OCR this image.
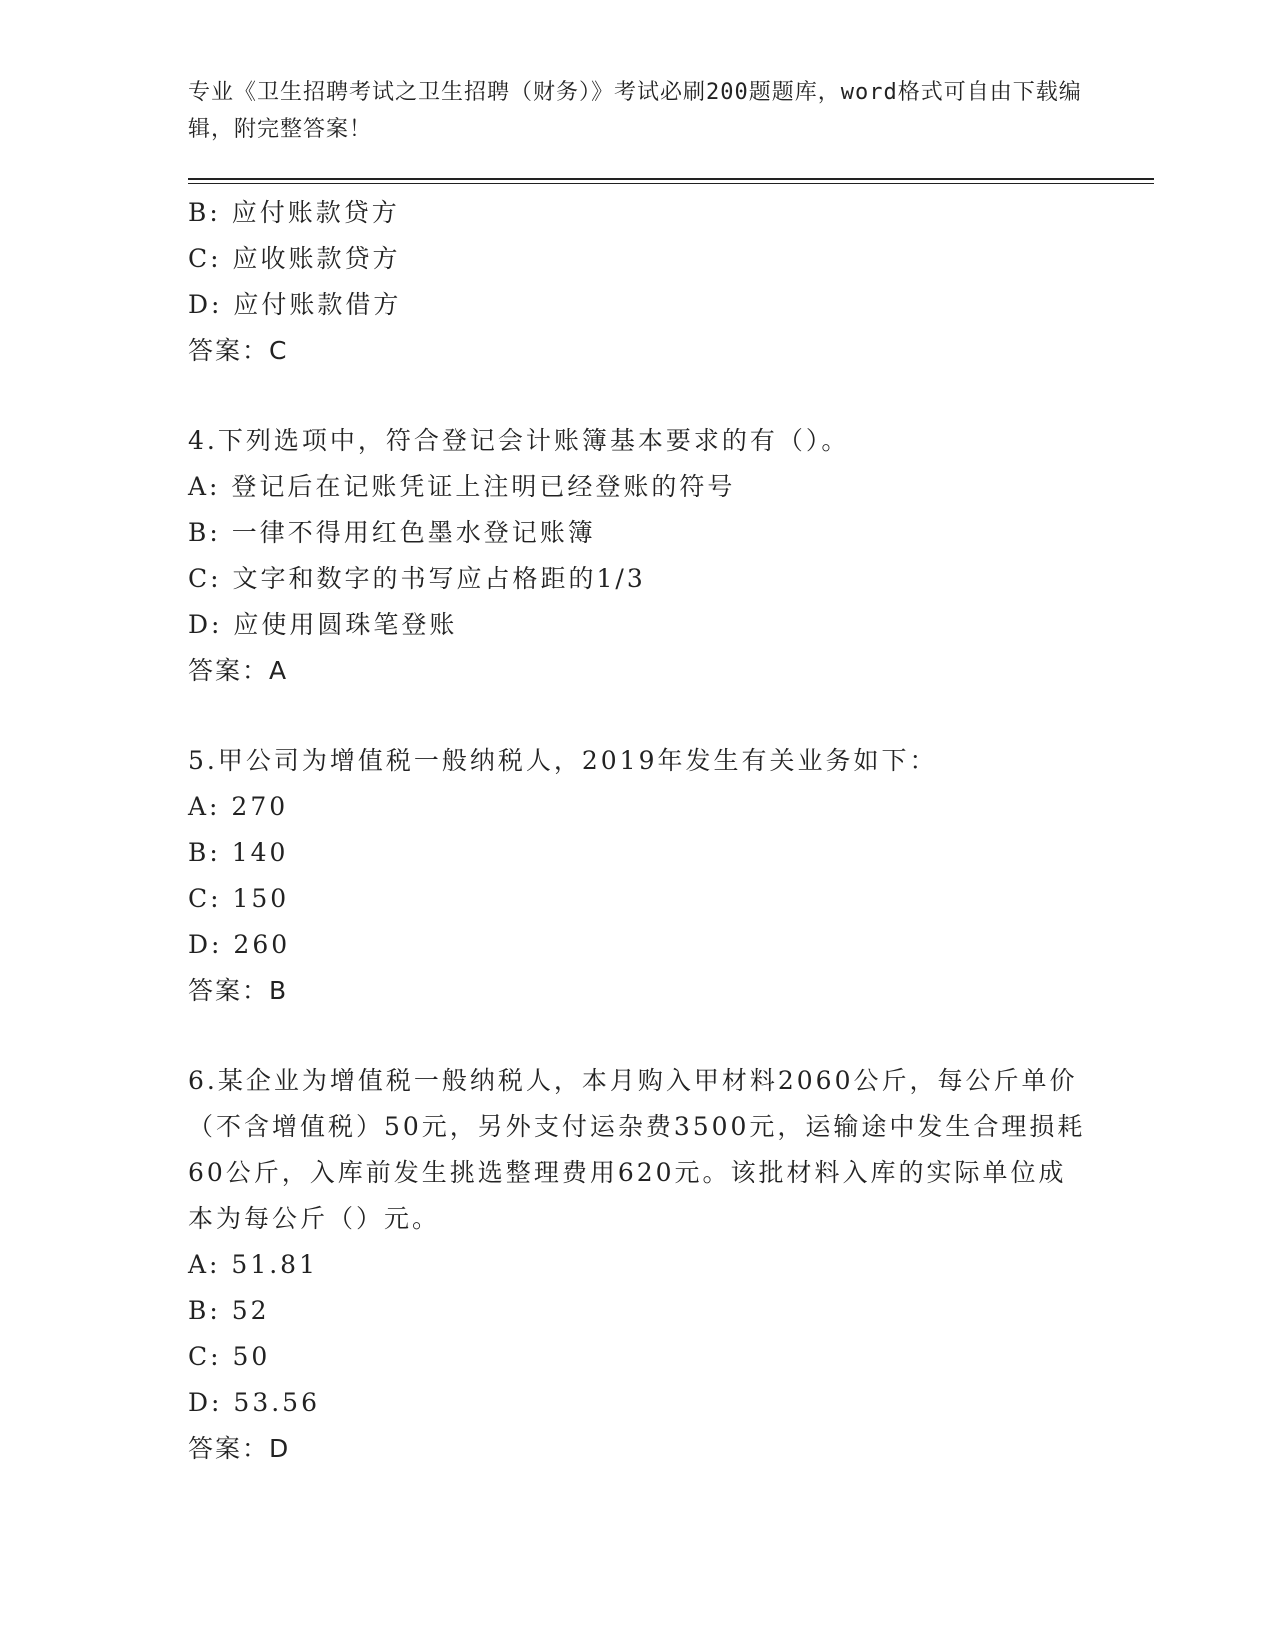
专业《卫生招聘考试之卫生招聘（财务）》考试必刷200题题库，word格式可自由下载编辑，附完整答案！
B: 应付账款贷方
C: 应收账款贷方
D: 应付账款借方
答案：C
4.下列选项中，符合登记会计账簿基本要求的有（）。
A: 登记后在记账凭证上注明已经登账的符号
B: 一律不得用红色墨水登记账簿
C: 文字和数字的书写应占格距的1/3
D: 应使用圆珠笔登账
答案：A
5.甲公司为增值税一般纳税人，2019年发生有关业务如下：
A: 270
B: 140
C: 150
D: 260
答案：B
6.某企业为增值税一般纳税人，本月购入甲材料2060公斤，每公斤单价（不含增值税）50元，另外支付运杂费3500元，运输途中发生合理损耗60公斤，入库前发生挑选整理费用620元。该批材料入库的实际单位成本为每公斤（）元。
A: 51.81
B: 52
C: 50
D: 53.56
答案：D
